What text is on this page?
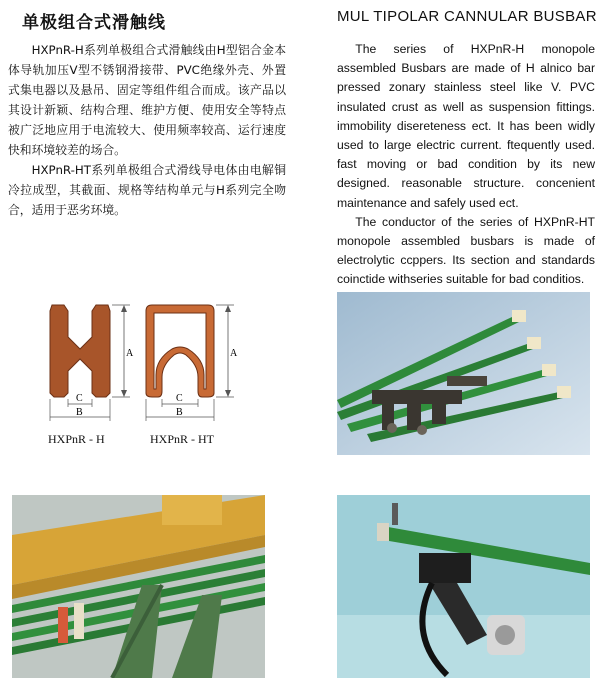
单极组合式滑触线	MUL TIPOLAR CANNULAR BUSBAR

HXPnR-H系列单极组合式滑触线由H型铝合金本体导轨加压V型不锈钢滑接带、PVC绝缘外壳、外置式集电器以及悬吊、固定等组件组合而成。该产品以其设计新颖、结构合理、维护方便、使用安全等特点被广泛地应用于电流较大、使用频率较高、运行速度快和环境较差的场合。

HXPnR-HT系列单极组合式滑线导电体由电解铜冷拉成型，其截面、规格等结构单元与H系列完全吻合，适用于恶劣环境。

The series of HXPnR-H monopole assembled Busbars are made of H alnico bar pressed zonary stainless steel like V. PVC insulated crust as well as suspension fittings. immobility disereteness ect. It has been widly used to large electric current. ftequently used. fast moving or bad condition by its new designed. reasonable structure. concenient maintenance and safely used ect.

The conductor of the series of HXPnR-HT monopole assembled busbars is made of electrolytic ccppers. Its section and standards coinctide withseries suitable for bad conditios.

A
C
B
A
C
B
HXPnR - H	HXPnR - HT
